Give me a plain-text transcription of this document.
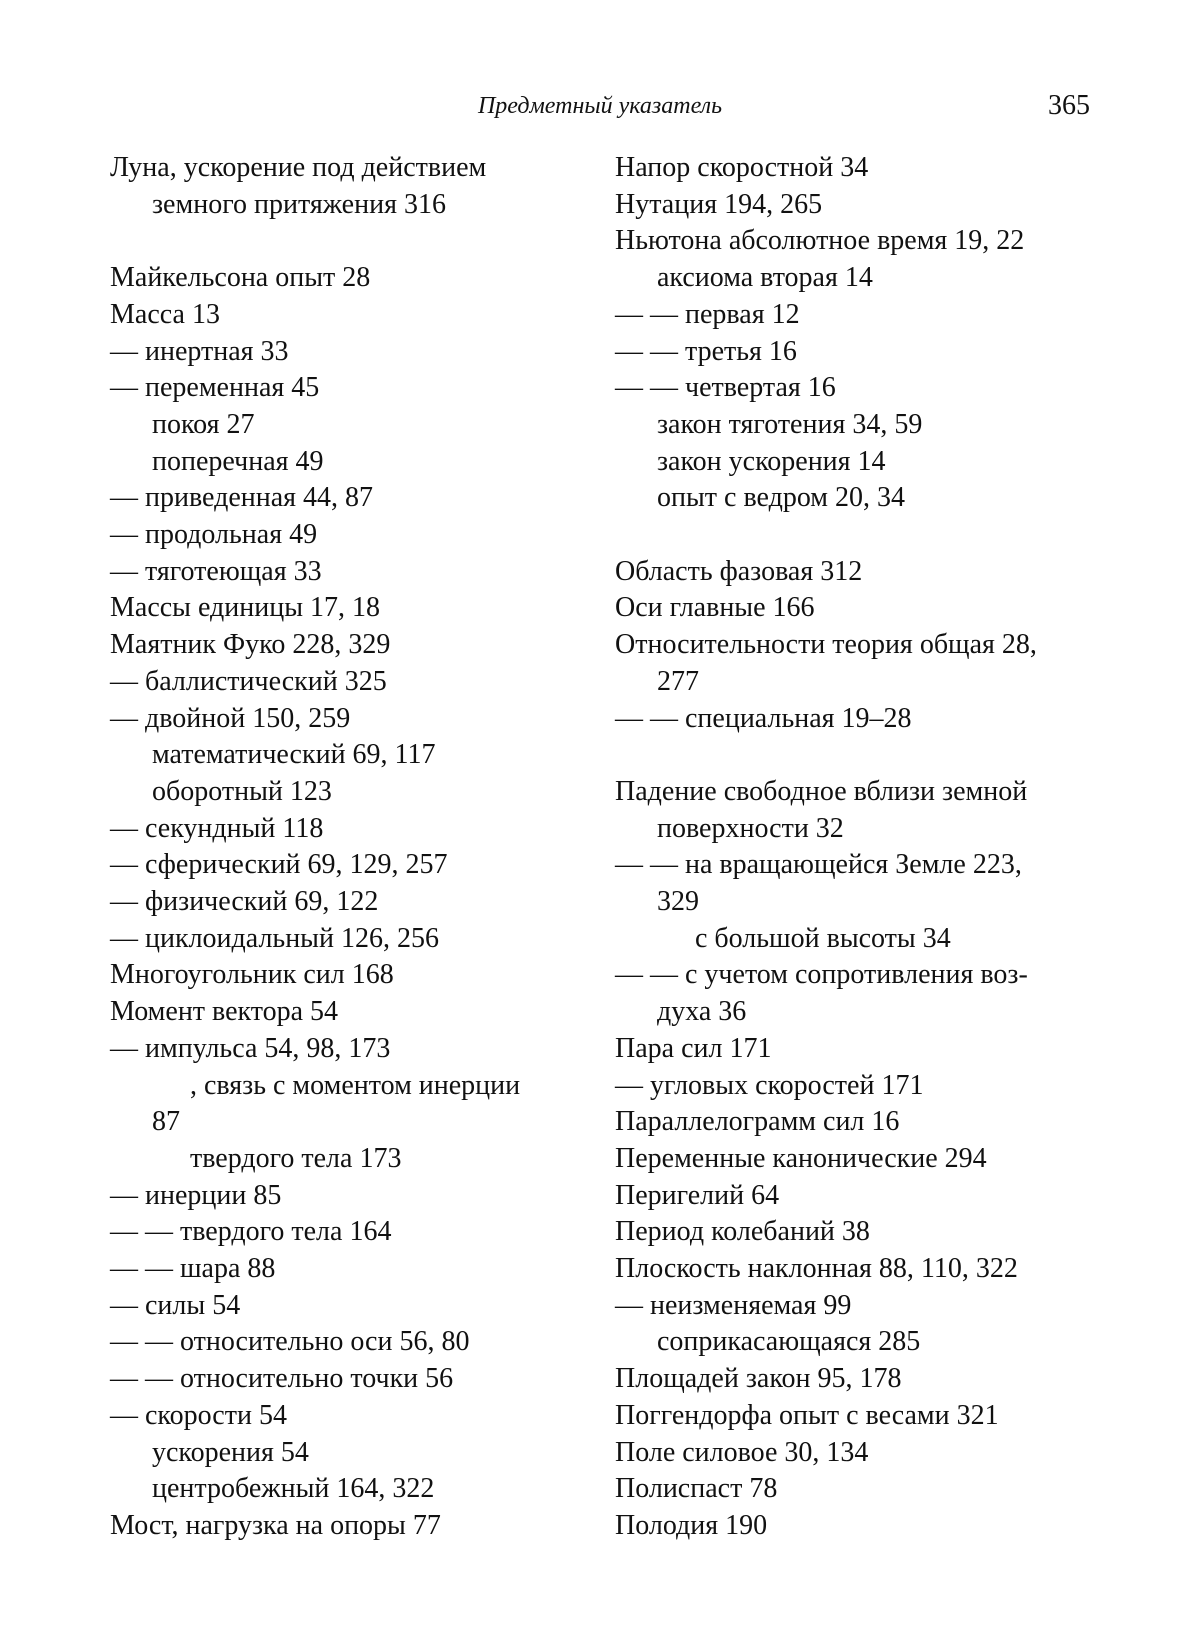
Предметный указатель	365
Луна, ускорение под действием
земного притяжения 316
Майкельсона опыт 28
Масса 13
— инертная 33
— переменная 45
покоя 27
поперечная 49
— приведенная 44, 87
— продольная 49
— тяготеющая 33
Массы единицы 17, 18
Маятник Фуко 228, 329
— баллистический 325
— двойной 150, 259
математический 69, 117
оборотный 123
— секундный 118
— сферический 69, 129, 257
— физический 69, 122
— циклоидальный 126, 256
Многоугольник сил 168
Момент вектора 54
— импульса 54, 98, 173
, связь с моментом инерции
87
твердого тела 173
— инерции 85
— — твердого тела 164
— — шара 88
— силы 54
— — относительно оси 56, 80
— — относительно точки 56
— скорости 54
ускорения 54
центробежный 164, 322
Мост, нагрузка на опоры 77
Напор скоростной 34
Нутация 194, 265
Ньютона абсолютное время 19, 22
аксиома вторая 14
— — первая 12
— — третья 16
— — четвертая 16
закон тяготения 34, 59
закон ускорения 14
опыт с ведром 20, 34
Область фазовая 312
Оси главные 166
Относительности теория общая 28,
277
— — специальная 19–28
Падение свободное вблизи земной
поверхности 32
— — на вращающейся Земле 223,
329
с большой высоты 34
— — с учетом сопротивления воз-
духа 36
Пара сил 171
— угловых скоростей 171
Параллелограмм сил 16
Переменные канонические 294
Перигелий 64
Период колебаний 38
Плоскость наклонная 88, 110, 322
— неизменяемая 99
соприкасающаяся 285
Площадей закон 95, 178
Поггендорфа опыт с весами 321
Поле силовое 30, 134
Полиспаст 78
Полодия 190
